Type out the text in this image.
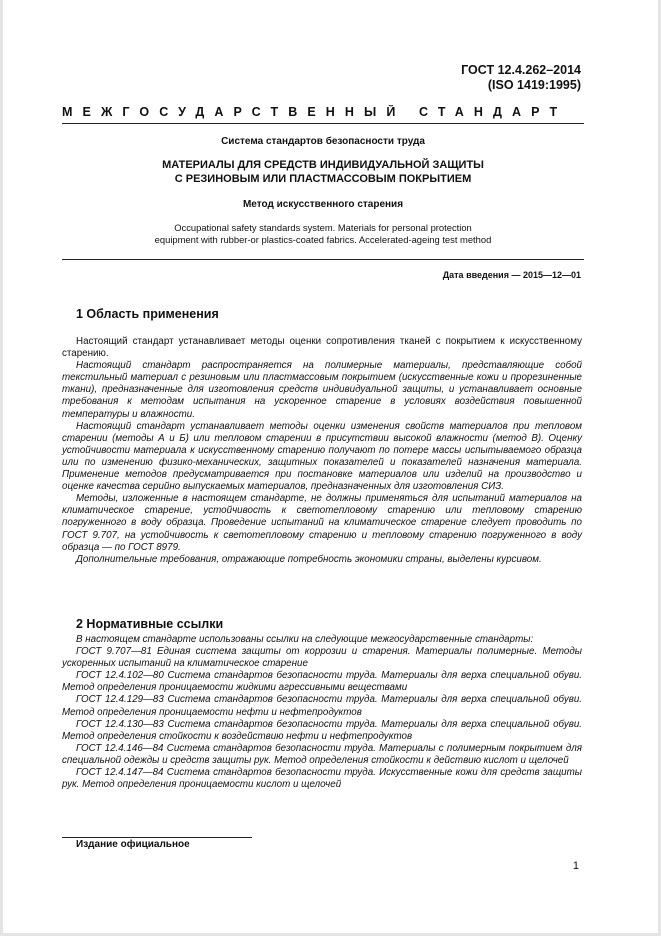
ГОСТ 12.4.262–2014
(ISO 1419:1995)
МЕЖГОСУДАРСТВЕННЫЙ СТАНДАРТ
Система стандартов безопасности труда
МАТЕРИАЛЫ ДЛЯ СРЕДСТВ ИНДИВИДУАЛЬНОЙ ЗАЩИТЫ
С РЕЗИНОВЫМ ИЛИ ПЛАСТМАССОВЫМ ПОКРЫТИЕМ
Метод искусственного старения
Occupational safety standards system. Materials for personal protection
equipment with rubber-or plastics-coated fabrics. Accelerated-ageing test method
Дата введения — 2015—12—01
1 Область применения

Настоящий стандарт устанавливает методы оценки сопротивления тканей с покрытием к искусственному старению.

Настоящий стандарт распространяется на полимерные материалы, представляющие собой текстильный материал с резиновым или пластмассовым покрытием (искусственные кожи и прорезиненные ткани), предназначенные для изготовления средств индивидуальной защиты, и устанавливает основные требования к методам испытания на ускоренное старение в условиях воздействия повышенной температуры и влажности.

Настоящий стандарт устанавливает методы оценки изменения свойств материалов при тепловом старении (методы А и Б) или тепловом старении в присутствии высокой влажности (метод В). Оценку устойчивости материала к искусственному старению получают по потере массы испытываемого образца или по изменению физико-механических, защитных показателей и показателей назначения материала. Применение методов предусматривается при постановке материалов или изделий на производство и оценке качества серийно выпускаемых материалов, предназначенных для изготовления СИЗ.

Методы, изложенные в настоящем стандарте, не должны применяться для испытаний материалов на климатическое старение, устойчивость к светотепловому старению или тепловому старению погруженного в воду образца. Проведение испытаний на климатическое старение следует проводить по ГОСТ 9.707, на устойчивость к светотепловому старению и тепловому старению погруженного в воду образца — по ГОСТ 8979.

Дополнительные требования, отражающие потребность экономики страны, выделены курсивом.

2 Нормативные ссылки

В настоящем стандарте использованы ссылки на следующие межгосударственные стандарты:

ГОСТ 9.707—81 Единая система защиты от коррозии и старения. Материалы полимерные. Методы ускоренных испытаний на климатическое старение

ГОСТ 12.4.102—80 Система стандартов безопасности труда. Материалы для верха специальной обуви. Метод определения проницаемости жидкими агрессивными веществами

ГОСТ 12.4.129—83 Система стандартов безопасности труда. Материалы для верха специальной обуви. Метод определения проницаемости нефти и нефтепродуктов

ГОСТ 12.4.130—83 Система стандартов безопасности труда. Материалы для верха специальной обуви. Метод определения стойкости к воздействию нефти и нефтепродуктов

ГОСТ 12.4.146—84 Система стандартов безопасности труда. Материалы с полимерным покрытием для специальной одежды и средств защиты рук. Метод определения стойкости к действию кислот и щелочей

ГОСТ 12.4.147—84 Система стандартов безопасности труда. Искусственные кожи для средств защиты рук. Метод определения проницаемости кислот и щелочей

Издание официальное
1
